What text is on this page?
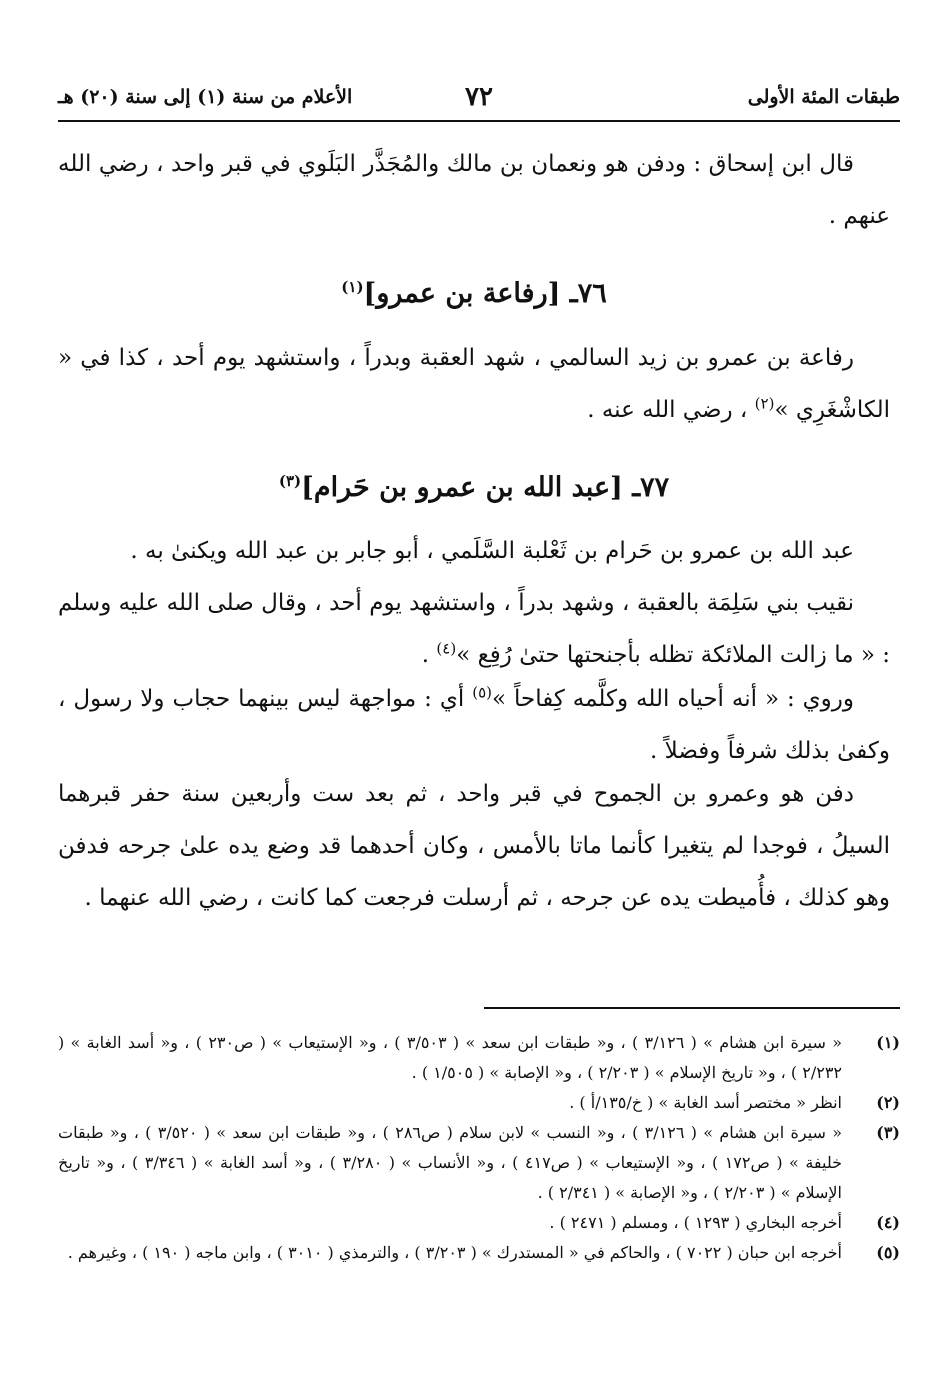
طبقات المئة الأولى
٧٢
الأعلام من سنة (١) إلى سنة (٢٠) هـ
قال ابن إسحاق : ودفن هو ونعمان بن مالك والمُجَذَّر البَلَوي في قبر واحد ، رضي الله عنهم .
٧٦ـ [رفاعة بن عمرو]$^{(١)}$
رفاعة بن عمرو بن زيد السالمي ، شهد العقبة وبدراً ، واستشهد يوم أحد ، كذا في « الكاشْغَرِي »$^{(٢)}$ ، رضي الله عنه .
٧٧ـ [عبد الله بن عمرو بن حَرام]$^{(٣)}$
عبد الله بن عمرو بن حَرام بن ثَعْلبة السَّلَمي ، أبو جابر بن عبد الله ويكنىٰ به .
نقيب بني سَلِمَة بالعقبة ، وشهد بدراً ، واستشهد يوم أحد ، وقال صلى الله عليه وسلم : « ما زالت الملائكة تظله بأجنحتها حتىٰ رُفِع »$^{(٤)}$ .
وروي : « أنه أحياه الله وكلَّمه كِفاحاً »$^{(٥)}$ أي : مواجهة ليس بينهما حجاب ولا رسول ، وكفىٰ بذلك شرفاً وفضلاً .
دفن هو وعمرو بن الجموح في قبر واحد ، ثم بعد ست وأربعين سنة حفر قبرهما السيلُ ، فوجدا لم يتغيرا كأنما ماتا بالأمس ، وكان أحدهما قد وضع يده علىٰ جرحه فدفن وهو كذلك ، فأُميطت يده عن جرحه ، ثم أرسلت فرجعت كما كانت ، رضي الله عنهما .
(١)
« سيرة ابن هشام » ( ٣/١٢٦ ) ، و« طبقات ابن سعد » ( ٣/٥٠٣ ) ، و« الإستيعاب » ( ص٢٣٠ ) ، و« أسد الغابة » ( ٢/٢٣٢ ) ، و« تاريخ الإسلام » ( ٢/٢٠٣ ) ، و« الإصابة » ( ١/٥٠٥ ) .
(٢)
انظر « مختصر أسد الغابة » ( خ/١٣٥/أ ) .
(٣)
« سيرة ابن هشام » ( ٣/١٢٦ ) ، و« النسب » لابن سلام ( ص٢٨٦ ) ، و« طبقات ابن سعد » ( ٣/٥٢٠ ) ، و« طبقات خليفة » ( ص١٧٢ ) ، و« الإستيعاب » ( ص٤١٧ ) ، و« الأنساب » ( ٣/٢٨٠ ) ، و« أسد الغابة » ( ٣/٣٤٦ ) ، و« تاريخ الإسلام » ( ٢/٢٠٣ ) ، و« الإصابة » ( ٢/٣٤١ ) .
(٤)
أخرجه البخاري ( ١٢٩٣ ) ، ومسلم ( ٢٤٧١ ) .
(٥)
أخرجه ابن حبان ( ٧٠٢٢ ) ، والحاكم في « المستدرك » ( ٣/٢٠٣ ) ، والترمذي ( ٣٠١٠ ) ، وابن ماجه ( ١٩٠ ) ، وغيرهم .
